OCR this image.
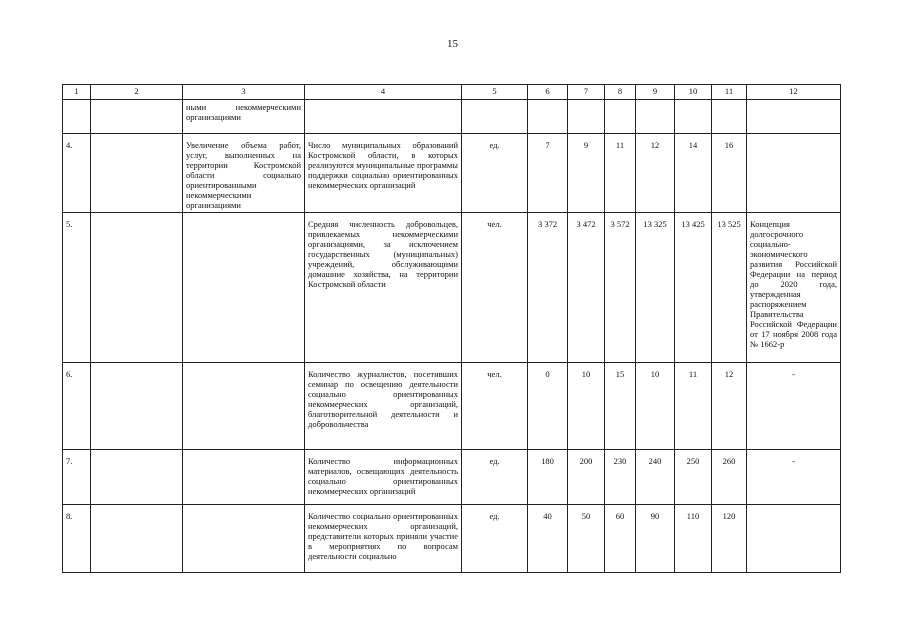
15
1	2	3	4	5	6	7	8	9	10	11	12
		ными некоммерческими организациями									
4.		Увеличение объема работ, услуг, выполненных на территории Костромской области социально ориентированными некоммерческими организациями	Число муниципальных образований Костромской области, в которых реализуются муниципальные программы поддержки социально ориентированных некоммерческих организаций	ед.	7	9	11	12	14	16	
5.			Средняя численность добровольцев, привлекаемых некоммерческими организациями, за исключением государственных (муниципальных) учреждений, обслуживающими домашние хозяйства, на территории Костромской области	чел.	3 372	3 472	3 572	13 325	13 425	13 525	Концепция долгосрочного социально-экономического развития Российской Федерации на период до 2020 года, утвержденная распоряжением Правительства Российской Федерации от 17 ноября 2008 года № 1662-р
6.			Количество журналистов, посетивших семинар по освещению деятельности социально ориентированных некоммерческих организаций, благотворительной деятельности и добровольчества	чел.	0	10	15	10	11	12	-
7.			Количество информационных материалов, освещающих деятельность социально ориентированных некоммерческих организаций	ед.	180	200	230	240	250	260	-
8.			Количество социально ориентированных некоммерческих организаций, представители которых приняли участие в мероприятиях по вопросам деятельности социально	ед.	40	50	60	90	110	120	
